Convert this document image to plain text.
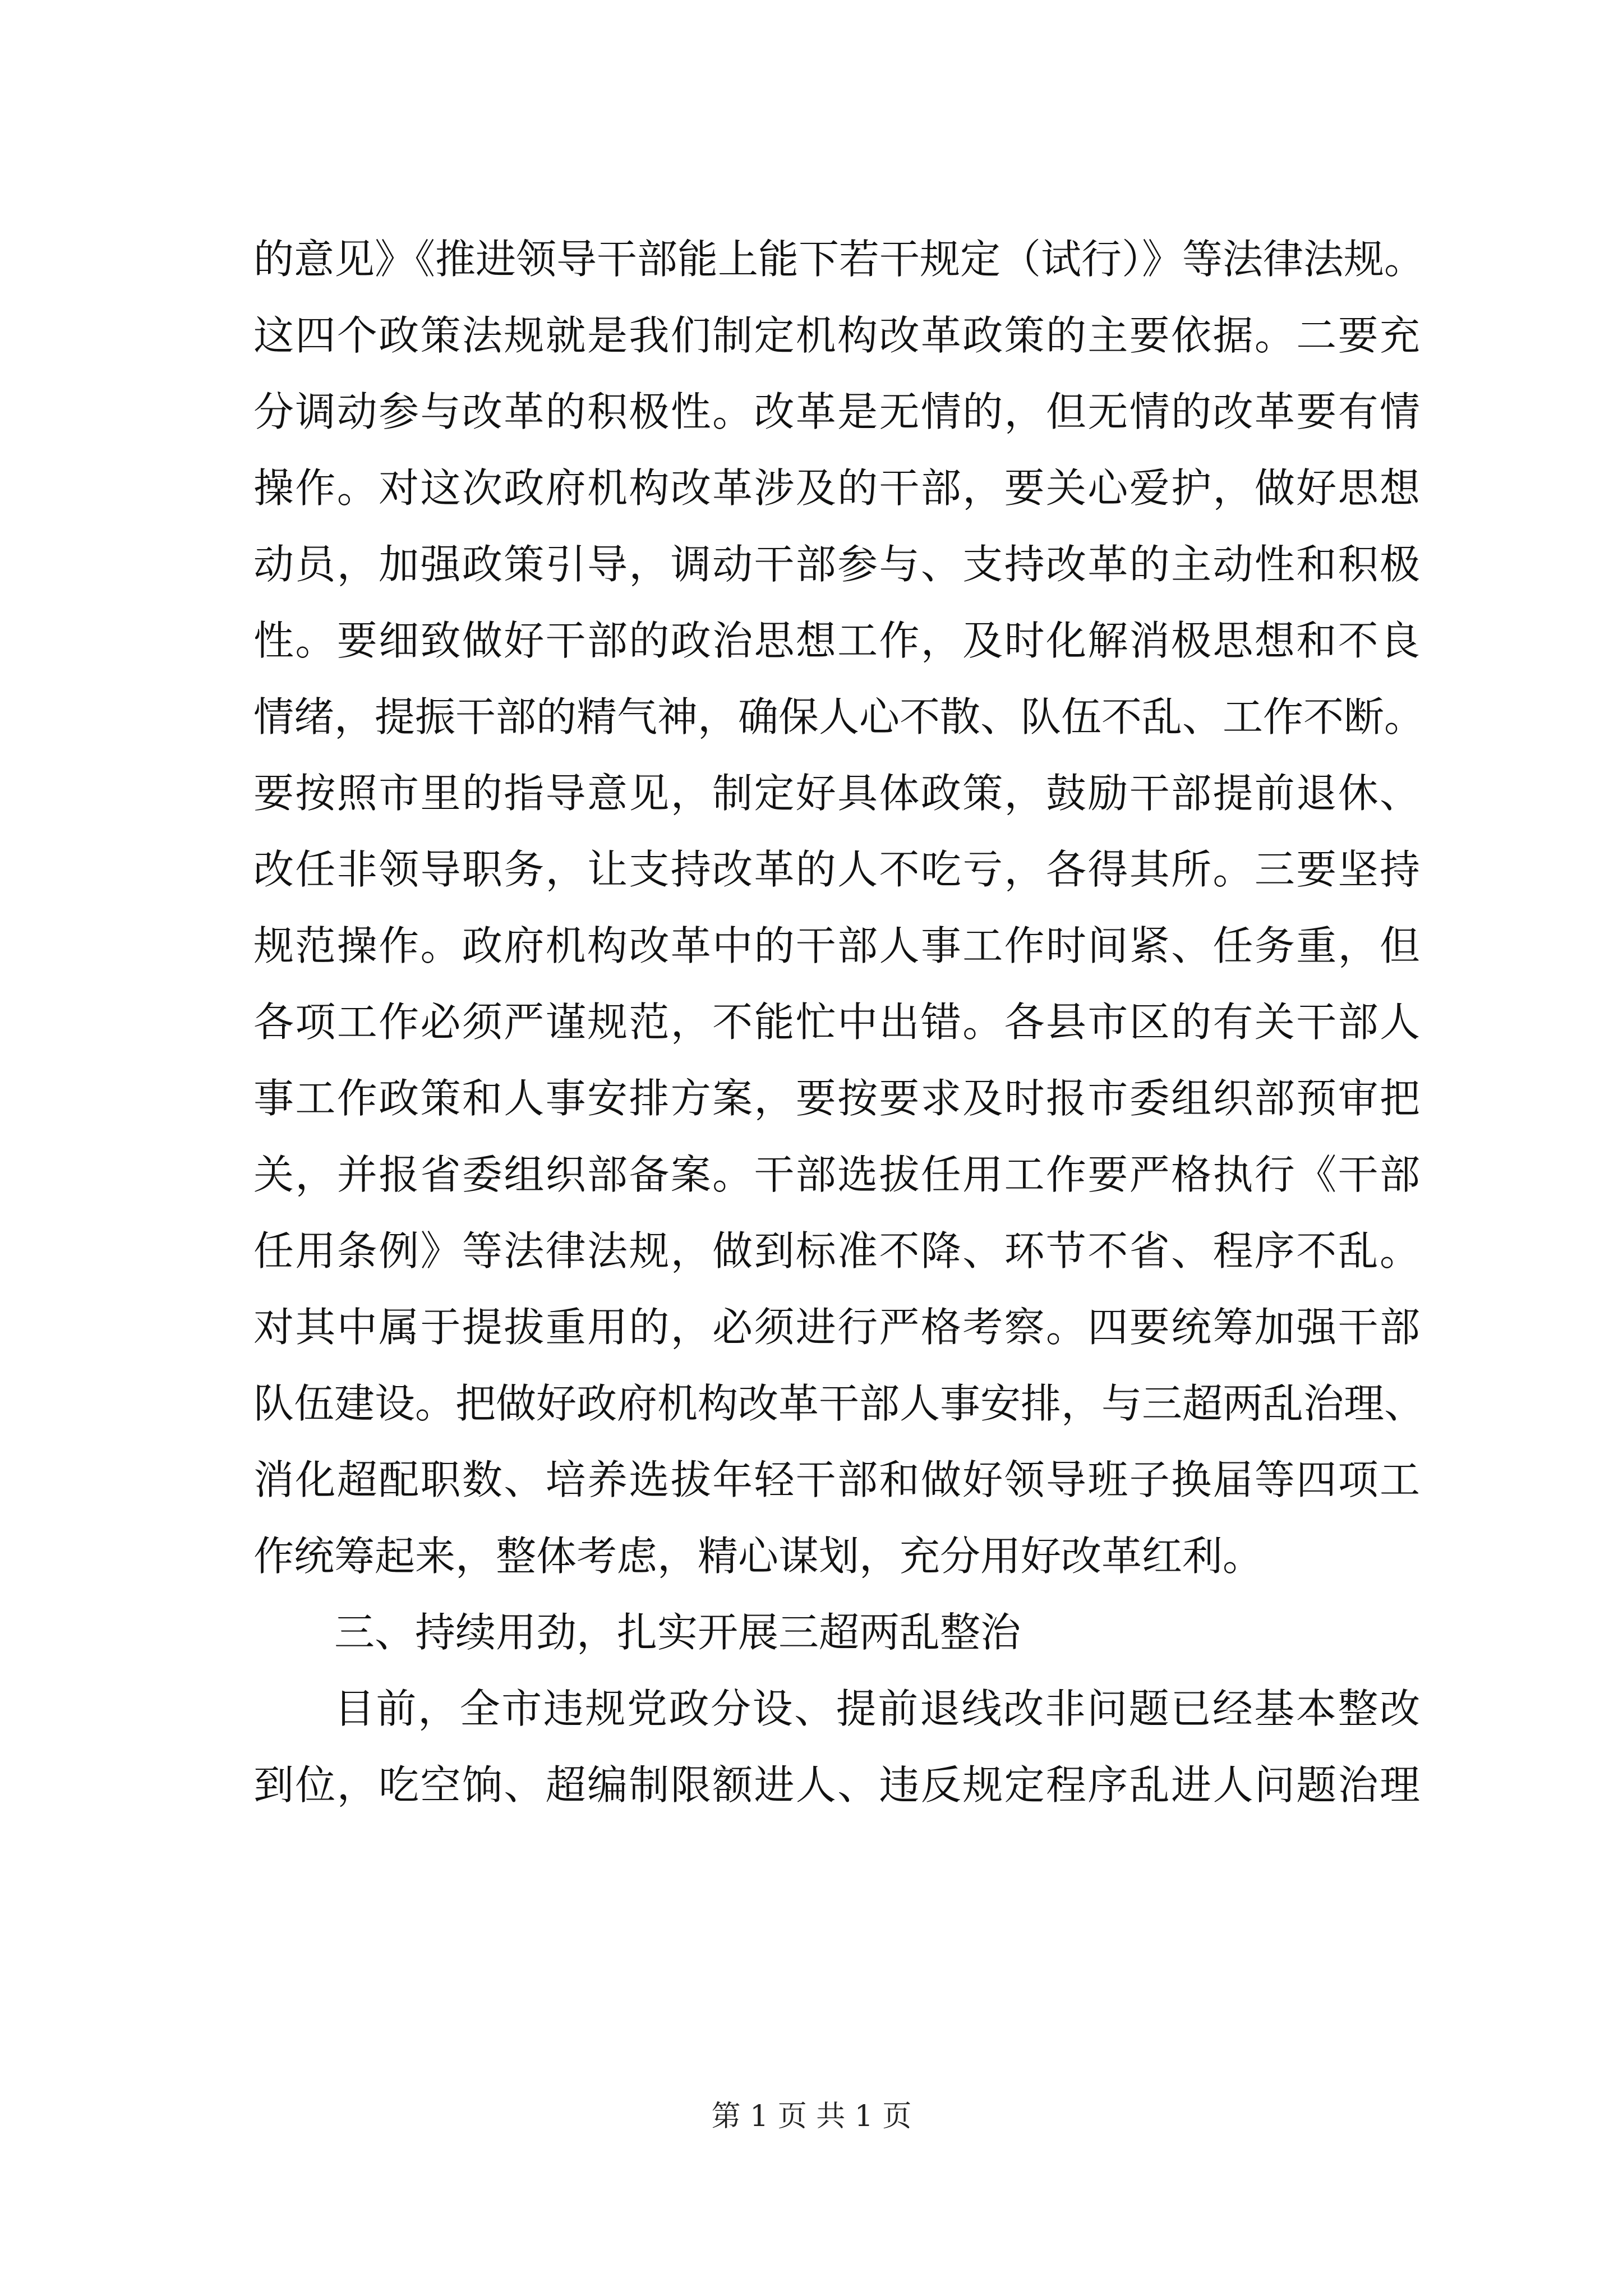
的意见》《推进领导干部能上能下若干规定（试行）》等法律法规。
这四个政策法规就是我们制定机构改革政策的主要依据。二要充
分调动参与改革的积极性。改革是无情的，但无情的改革要有情
操作。对这次政府机构改革涉及的干部，要关心爱护，做好思想
动员，加强政策引导，调动干部参与、支持改革的主动性和积极
性。要细致做好干部的政治思想工作，及时化解消极思想和不良
情绪，提振干部的精气神，确保人心不散、队伍不乱、工作不断。
要按照市里的指导意见，制定好具体政策，鼓励干部提前退休、
改任非领导职务，让支持改革的人不吃亏，各得其所。三要坚持
规范操作。政府机构改革中的干部人事工作时间紧、任务重，但
各项工作必须严谨规范，不能忙中出错。各县市区的有关干部人
事工作政策和人事安排方案，要按要求及时报市委组织部预审把
关，并报省委组织部备案。干部选拔任用工作要严格执行《干部
任用条例》等法律法规，做到标准不降、环节不省、程序不乱。
对其中属于提拔重用的，必须进行严格考察。四要统筹加强干部
队伍建设。把做好政府机构改革干部人事安排，与三超两乱治理、
消化超配职数、培养选拔年轻干部和做好领导班子换届等四项工
作统筹起来，整体考虑，精心谋划，充分用好改革红利。
三、持续用劲，扎实开展三超两乱整治
目前，全市违规党政分设、提前退线改非问题已经基本整改
到位，吃空饷、超编制限额进人、违反规定程序乱进人问题治理
第 1 页 共 1 页
